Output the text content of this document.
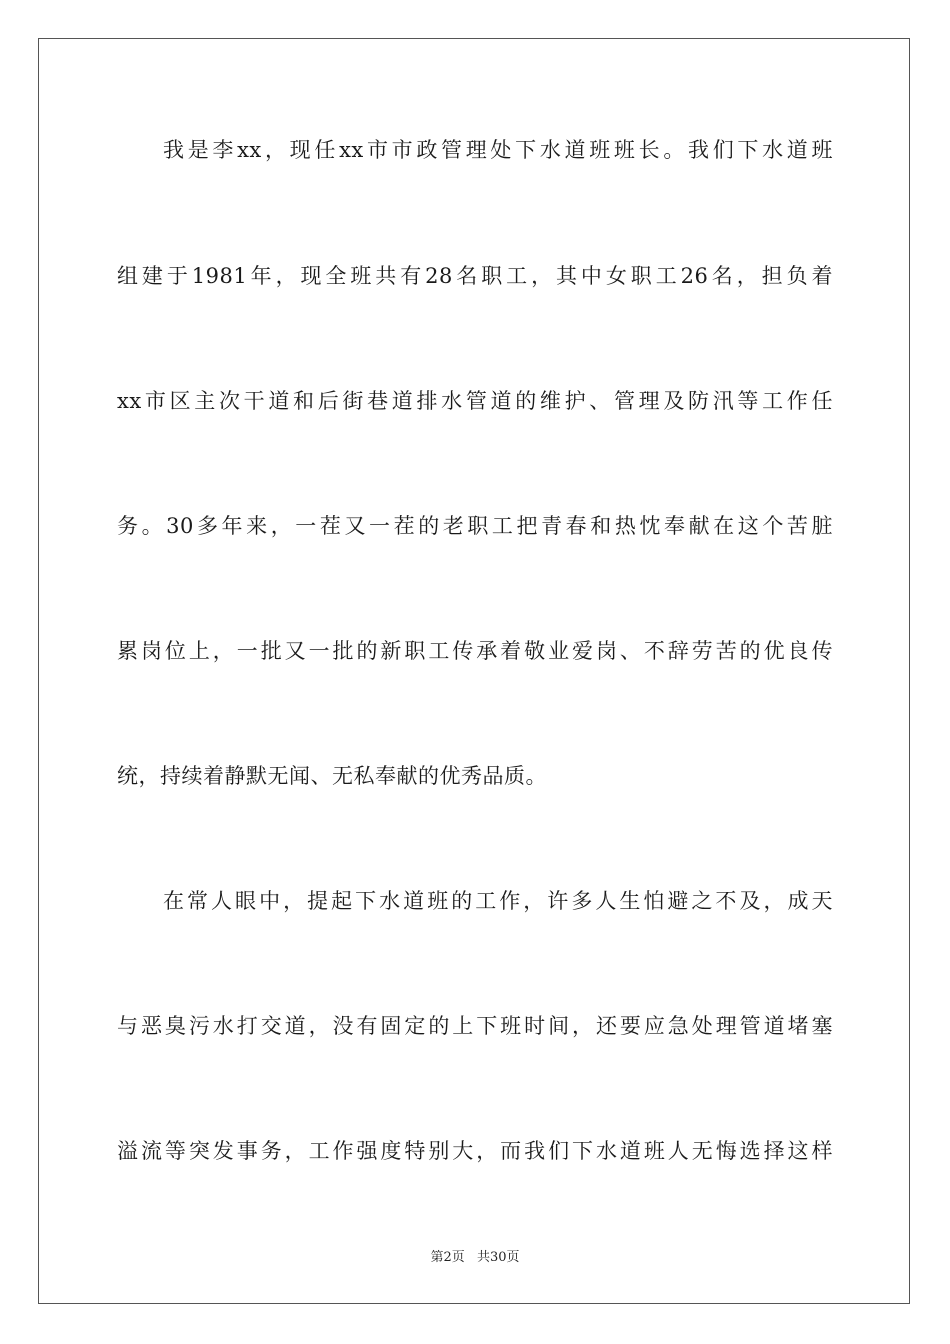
我是李xx，现任xx市市政管理处下水道班班长。我们下水道班
组建于1981年，现全班共有28名职工，其中女职工26名，担负着
xx市区主次干道和后街巷道排水管道的维护、管理及防汛等工作任
务。30多年来，一茬又一茬的老职工把青春和热忱奉献在这个苦脏
累岗位上，一批又一批的新职工传承着敬业爱岗、不辞劳苦的优良传
统，持续着静默无闻、无私奉献的优秀品质。
在常人眼中，提起下水道班的工作，许多人生怕避之不及，成天
与恶臭污水打交道，没有固定的上下班时间，还要应急处理管道堵塞
溢流等突发事务，工作强度特别大，而我们下水道班人无悔选择这样
第2页 共30页
